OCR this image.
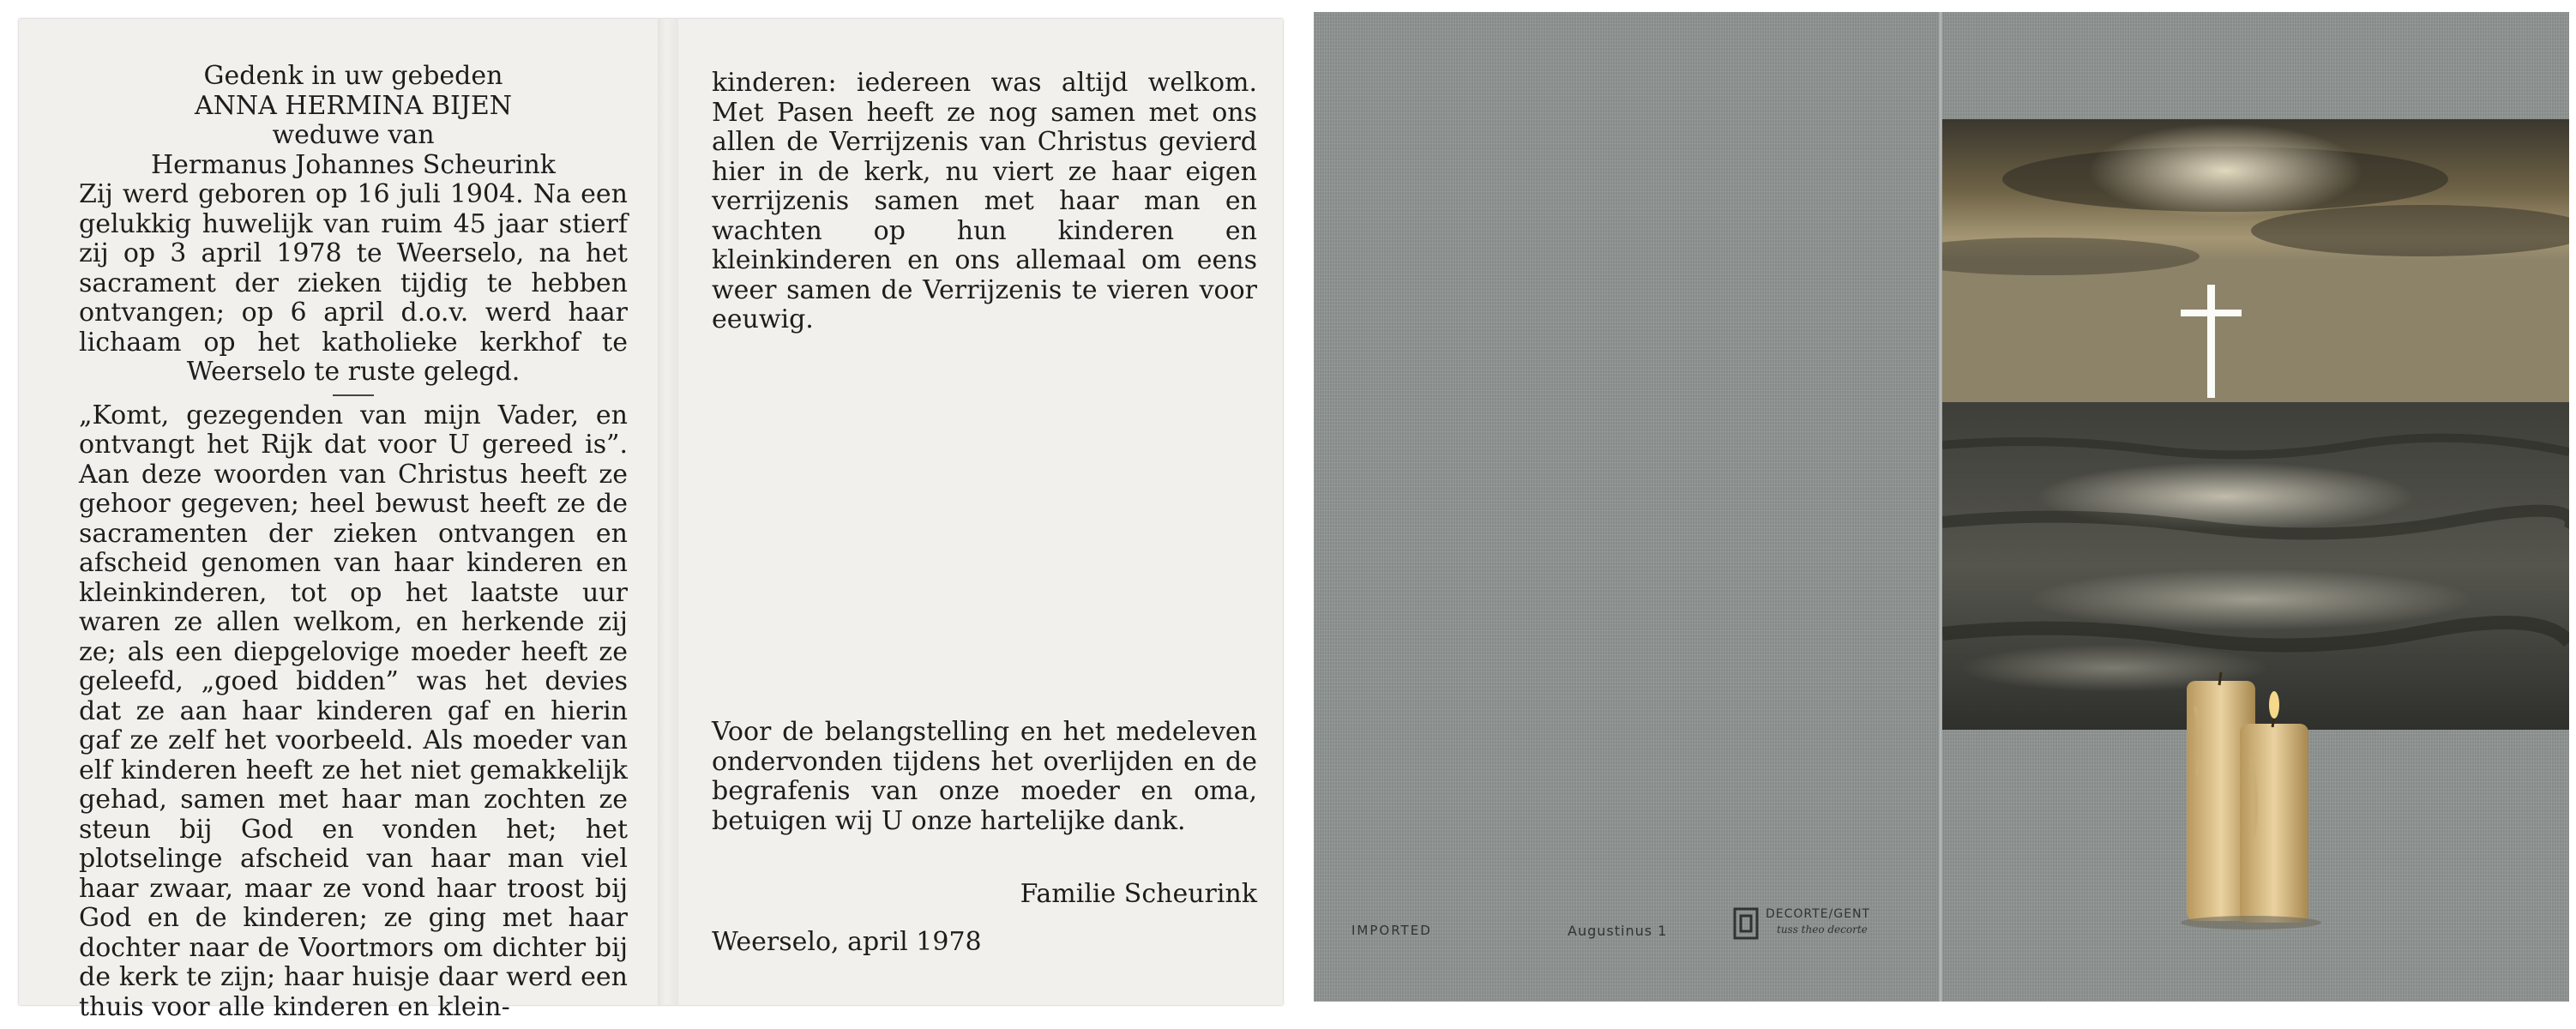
Gedenk in uw gebeden

ANNA HERMINA BIJEN

weduwe van

Hermanus Johannes Scheurink

Zij werd geboren op 16 juli 1904. Na een gelukkig huwelijk van ruim 45 jaar stierf zij op 3 april 1978 te Weerselo, na het sacrament der zieken tijdig te hebben ontvangen; op 6 april d.o.v. werd haar lichaam op het katholieke kerkhof te Weerselo te ruste gelegd.

„Komt, gezegenden van mijn Vader, en ontvangt het Rijk dat voor U gereed is”. Aan deze woorden van Christus heeft ze gehoor gegeven; heel bewust heeft ze de sacramenten der zieken ontvangen en afscheid genomen van haar kinderen en kleinkinderen, tot op het laatste uur waren ze allen welkom, en herkende zij ze; als een diepgelovige moeder heeft ze geleefd, „goed bidden” was het devies dat ze aan haar kinderen gaf en hierin gaf ze zelf het voorbeeld. Als moeder van elf kinderen heeft ze het niet gemakkelijk gehad, samen met haar man zochten ze steun bij God en vonden het; het plotselinge afscheid van haar man viel haar zwaar, maar ze vond haar troost bij God en de kinderen; ze ging met haar dochter naar de Voortmors om dichter bij de kerk te zijn; haar huisje daar werd een thuis voor alle kinderen en klein-

kinderen: iedereen was altijd welkom. Met Pasen heeft ze nog samen met ons allen de Verrijzenis van Christus gevierd hier in de kerk, nu viert ze haar eigen verrijzenis samen met haar man en wachten op hun kinderen en kleinkinderen en ons allemaal om eens weer samen de Verrijzenis te vieren voor eeuwig.
Voor de belangstelling en het medeleven ondervonden tijdens het overlijden en de begrafenis van onze moeder en oma, betuigen wij U onze hartelijke dank.
Familie Scheurink
Weerselo, april 1978	IMPORTED	Augustinus 1
DECORTE/GENT
tuss theo decorte
